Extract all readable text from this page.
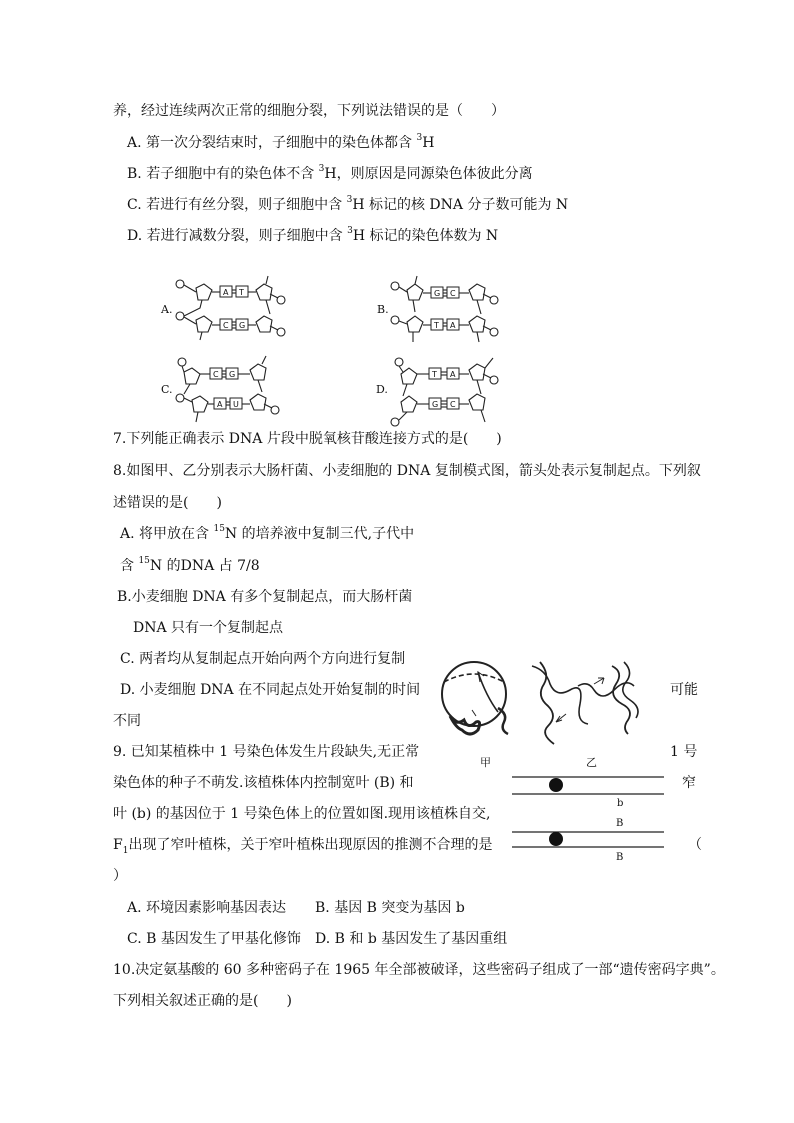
养，经过连续两次正常的细胞分裂，下列说法错误的是（　　）
A. 第一次分裂结束时，子细胞中的染色体都含 $^3$H
B. 若子细胞中有的染色体不含 $^3$H，则原因是同源染色体彼此分离
C. 若进行有丝分裂，则子细胞中含 $^3$H 标记的核 DNA 分子数可能为 N
D. 若进行减数分裂，则子细胞中含 $^3$H 标记的染色体数为 N
A.
A T
C G
B.
G C
T A
C.
C G
A U
D.
T A
G C
7.下列能正确表示 DNA 片段中脱氧核苷酸连接方式的是(　　)
8.如图甲、乙分别表示大肠杆菌、小麦细胞的 DNA 复制模式图，箭头处表示复制起点。下列叙
述错误的是(　　)
A. 将甲放在含 $^{15}$N 的培养液中复制三代,子代中
含 $^{15}$N 的DNA 占 7/8
B.小麦细胞 DNA 有多个复制起点，而大肠杆菌
DNA 只有一个复制起点
C. 两者均从复制起点开始向两个方向进行复制
D. 小麦细胞 DNA 在不同起点处开始复制的时间	可能
不同
甲	乙
9. 已知某植株中 1 号染色体发生片段缺失,无正常	1 号
染色体的种子不萌发.该植株体内控制宽叶 (B) 和	窄
叶 (b) 的基因位于 1 号染色体上的位置如图.现用该植株自交,
$F_1$出现了窄叶植株，关于窄叶植株出现原因的推测不合理的是	（
）
b
B
B
A. 环境因素影响基因表达 B. 基因 B 突变为基因 b
C. B 基因发生了甲基化修饰 D. B 和 b 基因发生了基因重组
10.决定氨基酸的 60 多种密码子在 1965 年全部被破译，这些密码子组成了一部“遗传密码字典”。
下列相关叙述正确的是(　　)
